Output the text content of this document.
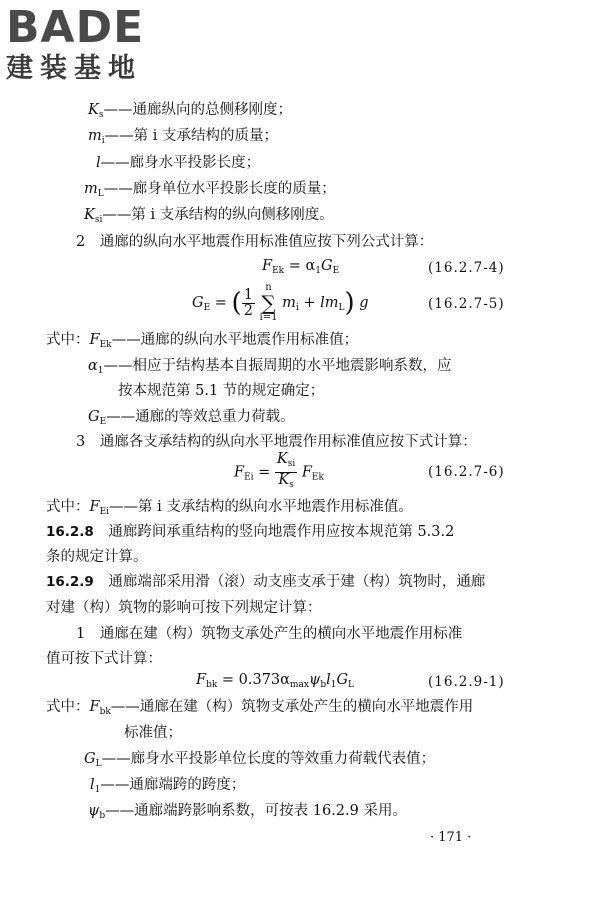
BADE
建装基地
$K_s——$通廊纵向的总侧移刚度；
$m_i——$第 i 支承结构的质量；
l——廊身水平投影长度；
$m_L——$廊身单位水平投影长度的质量；
$K_{si}——$第 i 支承结构的纵向侧移刚度。
2　通廊的纵向水平地震作用标准值应按下列公式计算：
$F_{Ek} = \alpha_1G_E$	(16.2.7-4)
$G_E$ = ( $\frac{1}{2}$
	n
∑
i=1
$m_i + lm_L$) g	(16.2.7-5)
式中：$F_{Ek}——$通廊的纵向水平地震作用标准值；
$\alpha_1——$相应于结构基本自振周期的水平地震影响系数，应
按本规范第 5.1 节的规定确定；
$G_E——$通廊的等效总重力荷载。
3　通廊各支承结构的纵向水平地震作用标准值应按下式计算：
$F_{Ei} = \frac{K_{si}}{K_s} F_{Ek}$	(16.2.7-6)
式中：$F_{Ei}——$第 i 支承结构的纵向水平地震作用标准值。
16.2.8　 通廊跨间承重结构的竖向地震作用应按本规范第 5.3.2
条的规定计算。
16.2.9　 通廊端部采用滑（滚）动支座支承于建（构）筑物时，通廊
对建（构）筑物的影响可按下列规定计算：
1　通廊在建（构）筑物支承处产生的横向水平地震作用标准
值可按下式计算：
$F_{bk} = 0.373\alpha_{max}\psi_bl_1G_L$	(16.2.9-1)
式中：$F_{bk}——$通廊在建（构）筑物支承处产生的横向水平地震作用
标准值；
$G_L——$廊身水平投影单位长度的等效重力荷载代表值；
$l_1——$通廊端跨的跨度；
$\psi_b——$通廊端跨影响系数，可按表 16.2.9 采用。
· 171 ·
